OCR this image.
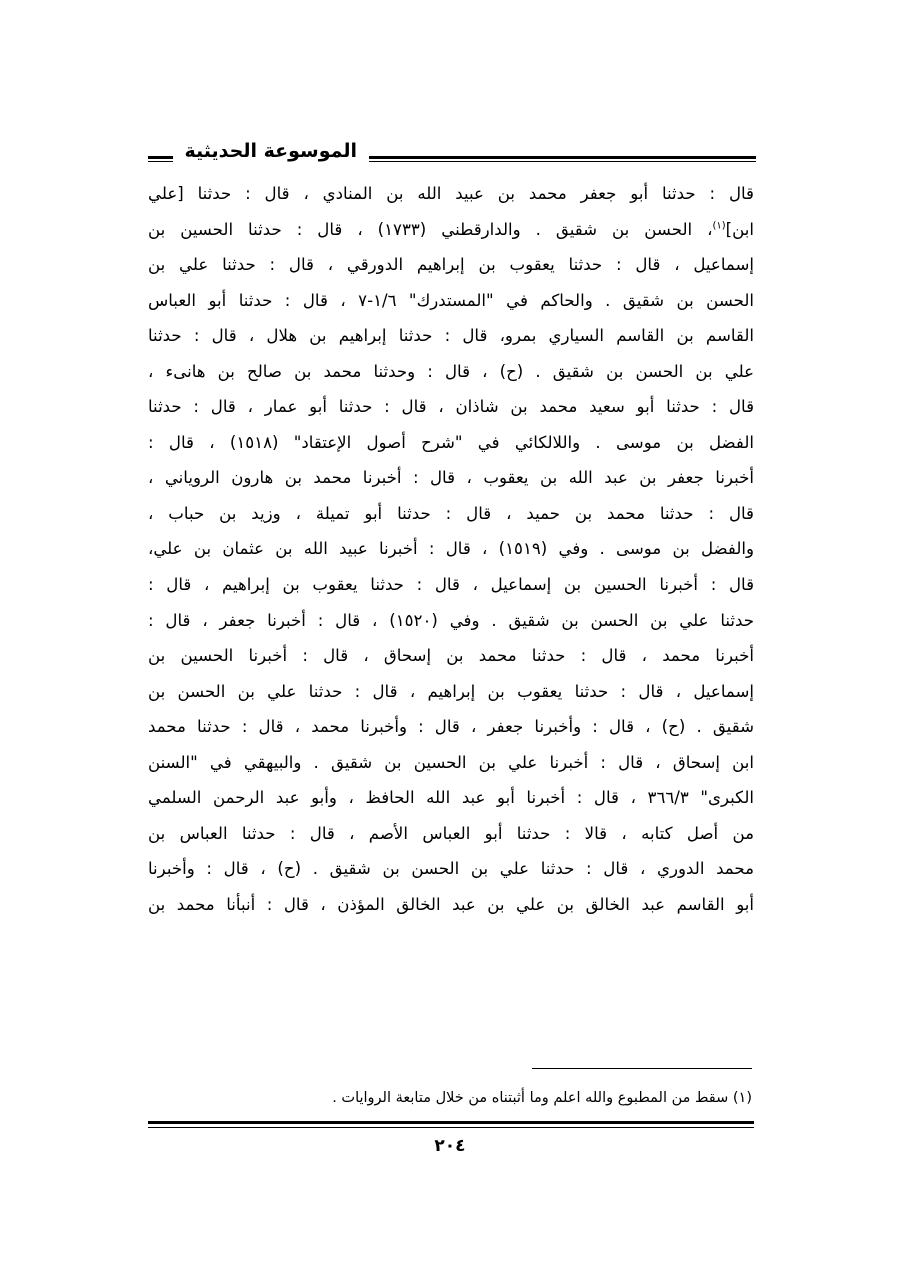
الموسوعة الحديثية
قال : حدثنا أبو جعفر محمد بن عبيد الله بن المنادي ، قال : حدثنا [علي
ابن]$^{(١)}$، الحسن بن شقيق . والدارقطني (١٧٣٣) ، قال : حدثنا الحسين بن
إسماعيل ، قال : حدثنا يعقوب بن إبراهيم الدورقي ، قال : حدثنا علي بن
الحسن بن شقيق . والحاكم في "المستدرك" ١/٦-٧ ، قال : حدثنا أبو العباس
القاسم بن القاسم السياري بمرو، قال : حدثنا إبراهيم بن هلال ، قال : حدثنا
علي بن الحسن بن شقيق . (ح) ، قال : وحدثنا محمد بن صالح بن هانىء ،
قال : حدثنا أبو سعيد محمد بن شاذان ، قال : حدثنا أبو عمار ، قال : حدثنا
الفضل بن موسى . واللالكائي في "شرح أصول الإعتقاد" (١٥١٨) ، قال :
أخبرنا جعفر بن عبد الله بن يعقوب ، قال : أخبرنا محمد بن هارون الروياني ،
قال : حدثنا محمد بن حميد ، قال : حدثنا أبو تميلة ، وزيد بن حباب ،
والفضل بن موسى . وفي (١٥١٩) ، قال : أخبرنا عبيد الله بن عثمان بن علي،
قال : أخبرنا الحسين بن إسماعيل ، قال : حدثنا يعقوب بن إبراهيم ، قال :
حدثنا علي بن الحسن بن شقيق . وفي (١٥٢٠) ، قال : أخبرنا جعفر ، قال :
أخبرنا محمد ، قال : حدثنا محمد بن إسحاق ، قال : أخبرنا الحسين بن
إسماعيل ، قال : حدثنا يعقوب بن إبراهيم ، قال : حدثنا علي بن الحسن بن
شقيق . (ح) ، قال : وأخبرنا جعفر ، قال : وأخبرنا محمد ، قال : حدثنا محمد
ابن إسحاق ، قال : أخبرنا علي بن الحسين بن شقيق . والبيهقي في "السنن
الكبرى" ٣٦٦/٣ ، قال : أخبرنا أبو عبد الله الحافظ ، وأبو عبد الرحمن السلمي
من أصل كتابه ، قالا : حدثنا أبو العباس الأصم ، قال : حدثنا العباس بن
محمد الدوري ، قال : حدثنا علي بن الحسن بن شقيق . (ح) ، قال : وأخبرنا
أبو القاسم عبد الخالق بن علي بن عبد الخالق المؤذن ، قال : أنبأنا محمد بن
(١) سقط من المطبوع والله اعلم وما أثبتناه من خلال متابعة الروايات .
٢٠٤
